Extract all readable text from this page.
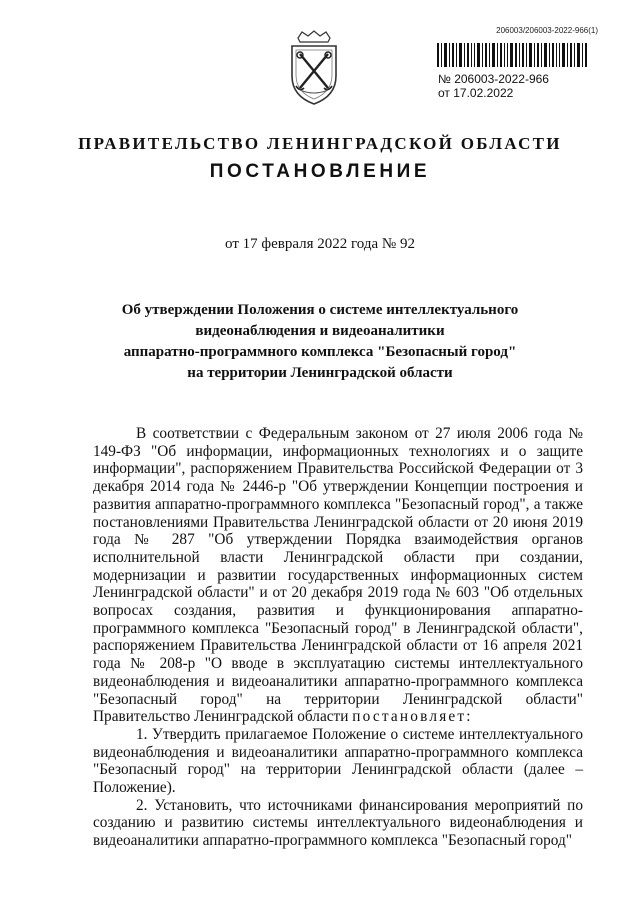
206003/206003-2022-966(1)
№ 206003-2022-966
от 17.02.2022
ПРАВИТЕЛЬСТВО ЛЕНИНГРАДСКОЙ ОБЛАСТИ
ПОСТАНОВЛЕНИЕ
от 17 февраля 2022 года № 92
Об утверждении Положения о системе интеллектуального
видеонаблюдения и видеоаналитики
аппаратно-программного комплекса "Безопасный город"
на территории Ленинградской области

В соответствии с Федеральным законом от 27 июля 2006 года № 149-ФЗ "Об информации, информационных технологиях и о защите информации", распоряжением Правительства Российской Федерации от 3 декабря 2014 года № 2446-р "Об утверждении Концепции построения и развития аппаратно-программного комплекса "Безопасный город", а также постановлениями Правительства Ленинградской области от 20 июня 2019 года № 287 "Об утверждении Порядка взаимодействия органов исполнительной власти Ленинградской области при создании, модернизации и развитии государственных информационных систем Ленинградской области" и от 20 декабря 2019 года № 603 "Об отдельных вопросах создания, развития и функционирования аппаратно-программного комплекса "Безопасный город" в Ленинградской области", распоряжением Правительства Ленинградской области от 16 апреля 2021 года № 208-р "О вводе в эксплуатацию системы интеллектуального видеонаблюдения и видеоаналитики аппаратно-программного комплекса "Безопасный город" на территории Ленинградской области" Правительство Ленинградской области постановляет:

1. Утвердить прилагаемое Положение о системе интеллектуального видеонаблюдения и видеоаналитики аппаратно-программного комплекса "Безопасный город" на территории Ленинградской области (далее – Положение).

2. Установить, что источниками финансирования мероприятий по созданию и развитию системы интеллектуального видеонаблюдения и видеоаналитики аппаратно-программного комплекса "Безопасный город"
